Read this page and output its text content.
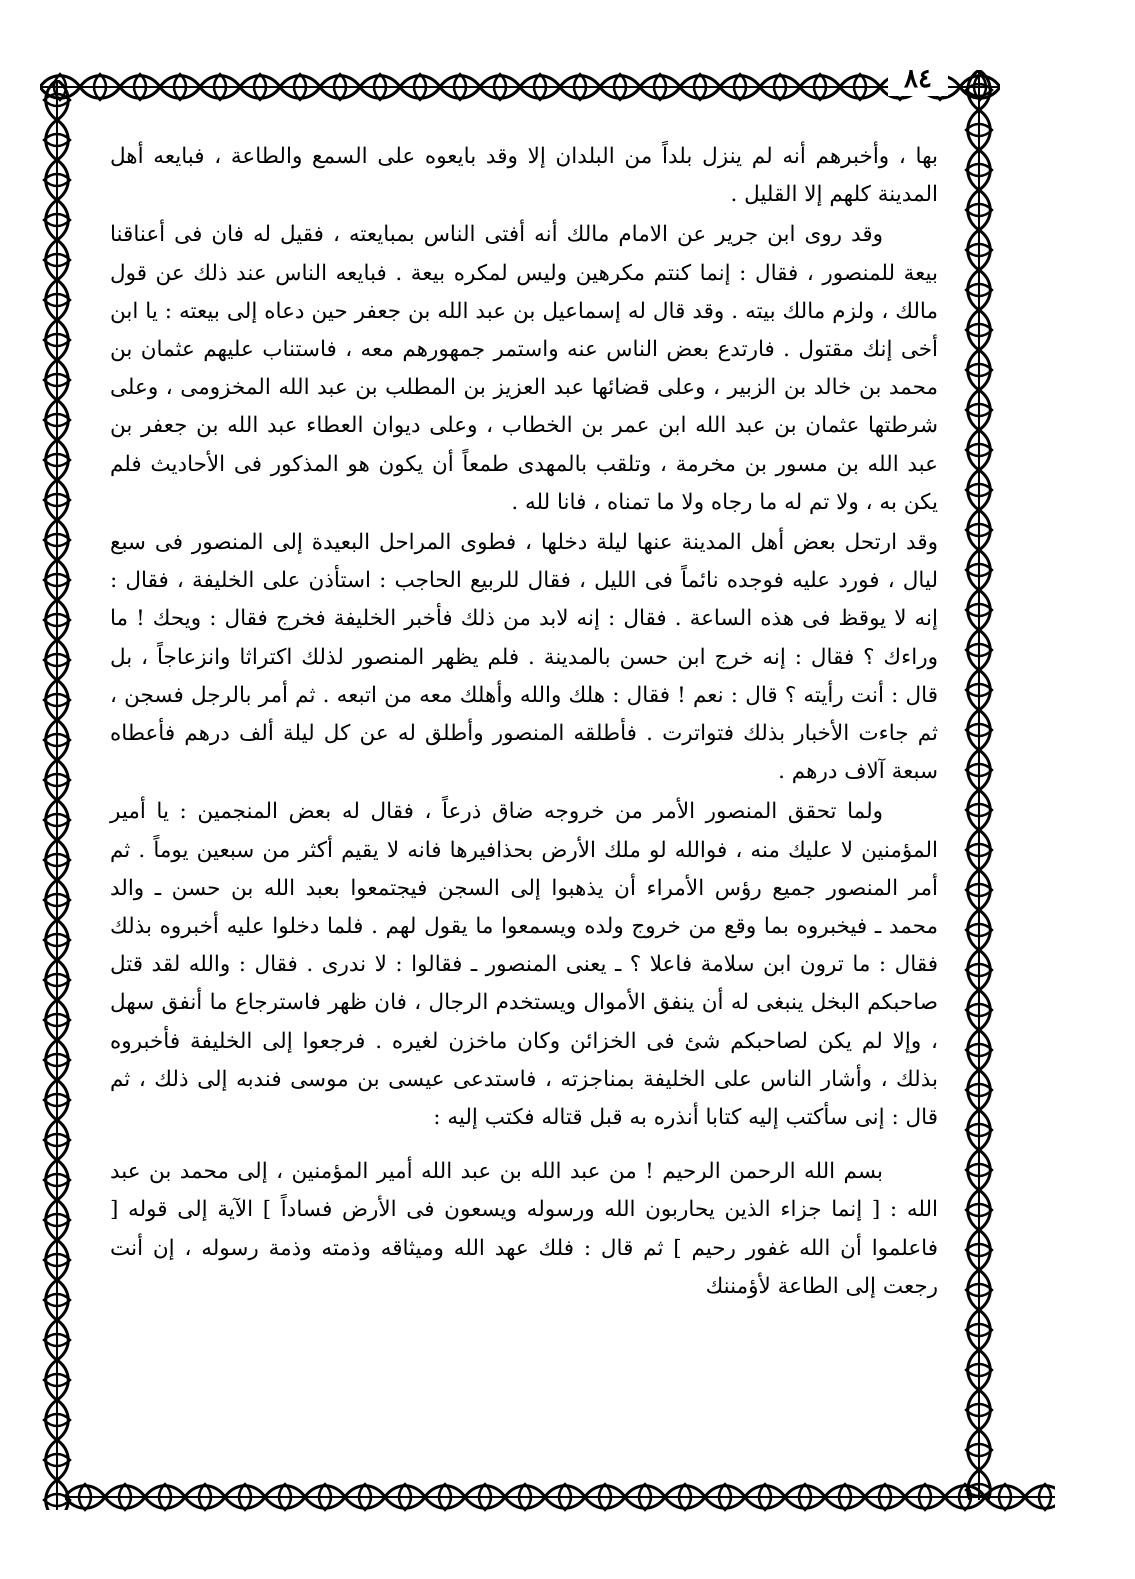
٨٤

بها ، وأخبرهم أنه لم ينزل بلداً من البلدان إلا وقد بايعوه على السمع والطاعة ، فبايعه أهل المدينة كلهم إلا القليل .

وقد روى ابن جرير عن الامام مالك أنه أفتى الناس بمبايعته ، فقيل له فان فى أعناقنا بيعة للمنصور ، فقال : إنما كنتم مكرهين وليس لمكره بيعة . فبايعه الناس عند ذلك عن قول مالك ، ولزم مالك بيته . وقد قال له إسماعيل بن عبد الله بن جعفر حين دعاه إلى بيعته : يا ابن أخى إنك مقتول . فارتدع بعض الناس عنه واستمر جمهورهم معه ، فاستناب عليهم عثمان بن محمد بن خالد بن الزبير ، وعلى قضائها عبد العزيز بن المطلب بن عبد الله المخزومى ، وعلى شرطتها عثمان بن عبد الله ابن عمر بن الخطاب ، وعلى ديوان العطاء عبد الله بن جعفر بن عبد الله بن مسور بن مخرمة ، وتلقب بالمهدى طمعاً أن يكون هو المذكور فى الأحاديث فلم يكن به ، ولا تم له ما رجاه ولا ما تمناه ، فانا لله .

وقد ارتحل بعض أهل المدينة عنها ليلة دخلها ، فطوى المراحل البعيدة إلى المنصور فى سبع ليال ، فورد عليه فوجده نائماً فى الليل ، فقال للربيع الحاجب : استأذن على الخليفة ، فقال : إنه لا يوقظ فى هذه الساعة . فقال : إنه لابد من ذلك فأخبر الخليفة فخرج فقال : ويحك ! ما وراءك ؟ فقال : إنه خرج ابن حسن بالمدينة . فلم يظهر المنصور لذلك اكتراثا وانزعاجاً ، بل قال : أنت رأيته ؟ قال : نعم ! فقال : هلك والله وأهلك معه من اتبعه . ثم أمر بالرجل فسجن ، ثم جاءت الأخبار بذلك فتواترت . فأطلقه المنصور وأطلق له عن كل ليلة ألف درهم فأعطاه سبعة آلاف درهم .

ولما تحقق المنصور الأمر من خروجه ضاق ذرعاً ، فقال له بعض المنجمين : يا أمير المؤمنين لا عليك منه ، فوالله لو ملك الأرض بحذافيرها فانه لا يقيم أكثر من سبعين يوماً . ثم أمر المنصور جميع رؤس الأمراء أن يذهبوا إلى السجن فيجتمعوا بعبد الله بن حسن ـ والد محمد ـ فيخبروه بما وقع من خروج ولده ويسمعوا ما يقول لهم . فلما دخلوا عليه أخبروه بذلك فقال : ما ترون ابن سلامة فاعلا ؟ ـ يعنى المنصور ـ فقالوا : لا ندرى . فقال : والله لقد قتل صاحبكم البخل ينبغى له أن ينفق الأموال ويستخدم الرجال ، فان ظهر فاسترجاع ما أنفق سهل ، وإلا لم يكن لصاحبكم شئ فى الخزائن وكان ماخزن لغيره . فرجعوا إلى الخليفة فأخبروه بذلك ، وأشار الناس على الخليفة بمناجزته ، فاستدعى عيسى بن موسى فندبه إلى ذلك ، ثم قال : إنى سأكتب إليه كتابا أنذره به قبل قتاله فكتب إليه :

بسم الله الرحمن الرحيم ! من عبد الله بن عبد الله أمير المؤمنين ، إلى محمد بن عبد الله : [ إنما جزاء الذين يحاربون الله ورسوله ويسعون فى الأرض فساداً ] الآية إلى قوله [ فاعلموا أن الله غفور رحيم ] ثم قال : فلك عهد الله وميثاقه وذمته وذمة رسوله ، إن أنت رجعت إلى الطاعة لأؤمننك
